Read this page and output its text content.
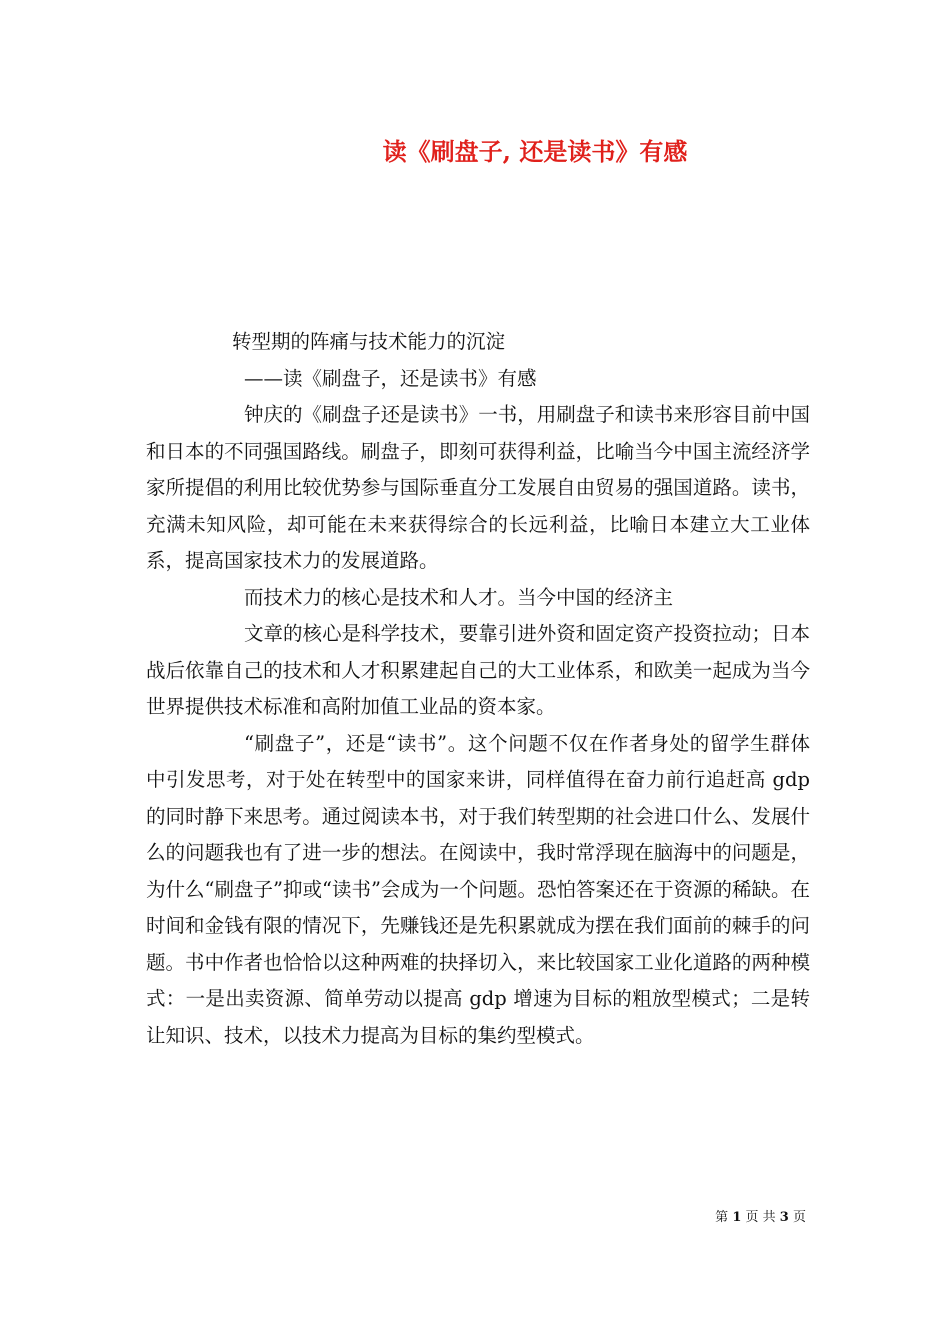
读《刷盘子, 还是读书》有感

转型期的阵痛与技术能力的沉淀

——读《刷盘子，还是读书》有感

钟庆的《刷盘子还是读书》一书，用刷盘子和读书来形容目前中国和日本的不同强国路线。刷盘子，即刻可获得利益，比喻当今中国主流经济学家所提倡的利用比较优势参与国际垂直分工发展自由贸易的强国道路。读书，充满未知风险，却可能在未来获得综合的长远利益，比喻日本建立大工业体系，提高国家技术力的发展道路。

而技术力的核心是技术和人才。当今中国的经济主

文章的核心是科学技术，要靠引进外资和固定资产投资拉动；日本战后依靠自己的技术和人才积累建起自己的大工业体系，和欧美一起成为当今世界提供技术标准和高附加值工业品的资本家。

“刷盘子”，还是“读书”。这个问题不仅在作者身处的留学生群体中引发思考，对于处在转型中的国家来讲，同样值得在奋力前行追赶高 gdp 的同时静下来思考。通过阅读本书，对于我们转型期的社会进口什么、发展什么的问题我也有了进一步的想法。在阅读中，我时常浮现在脑海中的问题是，为什么“刷盘子”抑或“读书”会成为一个问题。恐怕答案还在于资源的稀缺。在时间和金钱有限的情况下，先赚钱还是先积累就成为摆在我们面前的棘手的问题。书中作者也恰恰以这种两难的抉择切入，来比较国家工业化道路的两种模式：一是出卖资源、简单劳动以提高 gdp 增速为目标的粗放型模式；二是转让知识、技术，以技术力提高为目标的集约型模式。

第 1 页 共 3 页
